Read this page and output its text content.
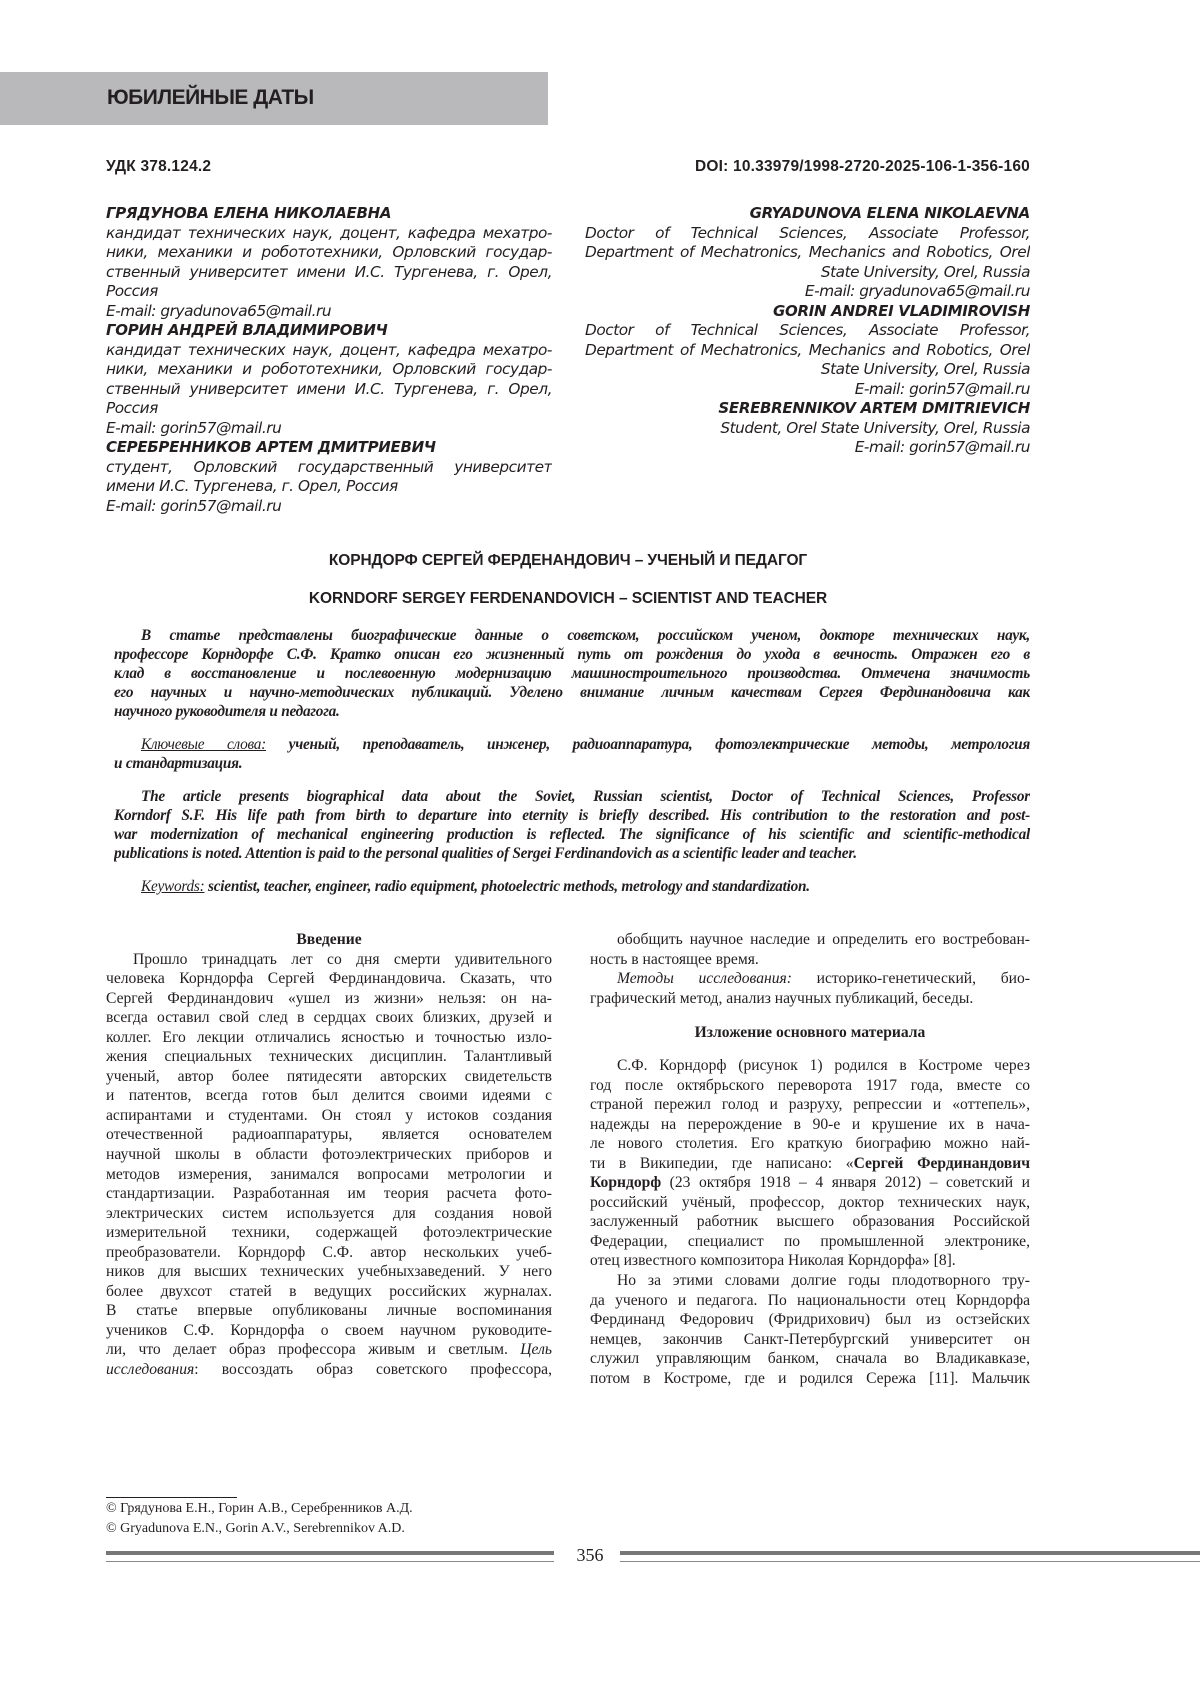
ЮБИЛЕЙНЫЕ ДАТЫ
УДК 378.124.2	DOI: 10.33979/1998-2720-2025-106-1-356-160
ГРЯДУНОВА ЕЛЕНА НИКОЛАЕВНА
кандидат технических наук, доцент, кафедра мехатро-
ники, механики и робототехники, Орловский государ-
ственный университет имени И.С. Тургенева, г. Орел,
Россия
E-mail: gryadunova65@mail.ru
ГОРИН АНДРЕЙ ВЛАДИМИРОВИЧ
кандидат технических наук, доцент, кафедра мехатро-
ники, механики и робототехники, Орловский государ-
ственный университет имени И.С. Тургенева, г. Орел,
Россия
E-mail: gorin57@mail.ru
СЕРЕБРЕННИКОВ АРТЕМ ДМИТРИЕВИЧ
студент, Орловский государственный университет
имени И.С. Тургенева, г. Орел, Россия
E-mail: gorin57@mail.ru
GRYADUNOVA ELENA NIKOLAEVNA
Doctor of Technical Sciences, Associate Professor,
Department of Mechatronics, Mechanics and Robotics, Orel
State University, Orel, Russia
E-mail: gryadunova65@mail.ru
GORIN ANDREI VLADIMIROVISH
Doctor of Technical Sciences, Associate Professor,
Department of Mechatronics, Mechanics and Robotics, Orel
State University, Orel, Russia
E-mail: gorin57@mail.ru
SEREBRENNIKOV ARTEM DMITRIEVICH
Student, Orel State University, Orel, Russia
E-mail: gorin57@mail.ru
КОРНДОРФ СЕРГЕЙ ФЕРДЕНАНДОВИЧ – УЧЕНЫЙ И ПЕДАГОГ
KORNDORF SERGEY FERDENANDOVICH – SCIENTIST AND TEACHER
В статье представлены биографические данные о советском, российском ученом, докторе технических наук,
профессоре Корндорфе С.Ф. Кратко описан его жизненный путь от рождения до ухода в вечность. Отражен его в
клад в восстановление и послевоенную модернизацию машиностроительного производства. Отмечена значимость
его научных и научно-методических публикаций. Уделено внимание личным качествам Сергея Фердинандовича как
научного руководителя и педагога.
Ключевые слова: ученый, преподаватель, инженер, радиоаппаратура, фотоэлектрические методы, метрология
и стандартизация.
The article presents biographical data about the Soviet, Russian scientist, Doctor of Technical Sciences, Professor
Korndorf S.F. His life path from birth to departure into eternity is briefly described. His contribution to the restoration and post-
war modernization of mechanical engineering production is reflected. The significance of his scientific and scientific-methodical
publications is noted. Attention is paid to the personal qualities of Sergei Ferdinandovich as a scientific leader and teacher.
Keywords: scientist, teacher, engineer, radio equipment, photoelectric methods, metrology and standardization.
Введение
Прошло тринадцать лет со дня смерти удивительного
человека Корндорфа Сергей Фердинандовича. Сказать, что
Сергей Фердинандович «ушел из жизни» нельзя: он на-
всегда оставил свой след в сердцах своих близких, друзей и
коллег. Его лекции отличались ясностью и точностью изло-
жения специальных технических дисциплин. Талантливый
ученый, автор более пятидесяти авторских свидетельств
и патентов, всегда готов был делится своими идеями с
аспирантами и студентами. Он стоял у истоков создания
отечественной радиоаппаратуры, является основателем
научной школы в области фотоэлектрических приборов и
методов измерения, занимался вопросами метрологии и
стандартизации. Разработанная им теория расчета фото-
электрических систем используется для создания новой
измерительной техники, содержащей фотоэлектрические
преобразователи. Корндорф С.Ф. автор нескольких учеб-
ников для высших технических учебныхзаведений. У него
более двухсот статей в ведущих российских журналах.
В статье впервые опубликованы личные воспоминания
учеников С.Ф. Корндорфа о своем научном руководите-
ли, что делает образ профессора живым и светлым. Цель
исследования: воссоздать образ советского профессора,
обобщить научное наследие и определить его востребован-
ность в настоящее время.
Методы исследования: историко-генетический, био-
графический метод, анализ научных публикаций, беседы.
Изложение основного материала
С.Ф. Корндорф (рисунок 1) родился в Костроме через
год после октябрьского переворота 1917 года, вместе со
страной пережил голод и разруху, репрессии и «оттепель»,
надежды на перерождение в 90-е и крушение их в нача-
ле нового столетия. Его краткую биографию можно най-
ти в Википедии, где написано: «Сергей Фердинандович
Корндорф (23 октября 1918 – 4 января 2012) – советский и
российский учёный, профессор, доктор технических наук,
заслуженный работник высшего образования Российской
Федерации, специалист по промышленной электронике,
отец известного композитора Николая Корндорфа» [8].
Но за этими словами долгие годы плодотворного тру-
да ученого и педагога. По национальности отец Корндорфа
Фердинанд Федорович (Фридрихович) был из остзейских
немцев, закончив Санкт-Петербургский университет он
служил управляющим банком, сначала во Владикавказе,
потом в Костроме, где и родился Сережа [11]. Мальчик
© Грядунова Е.Н., Горин А.В., Серебренников А.Д.
© Gryadunova E.N., Gorin A.V., Serebrennikov A.D.
356
